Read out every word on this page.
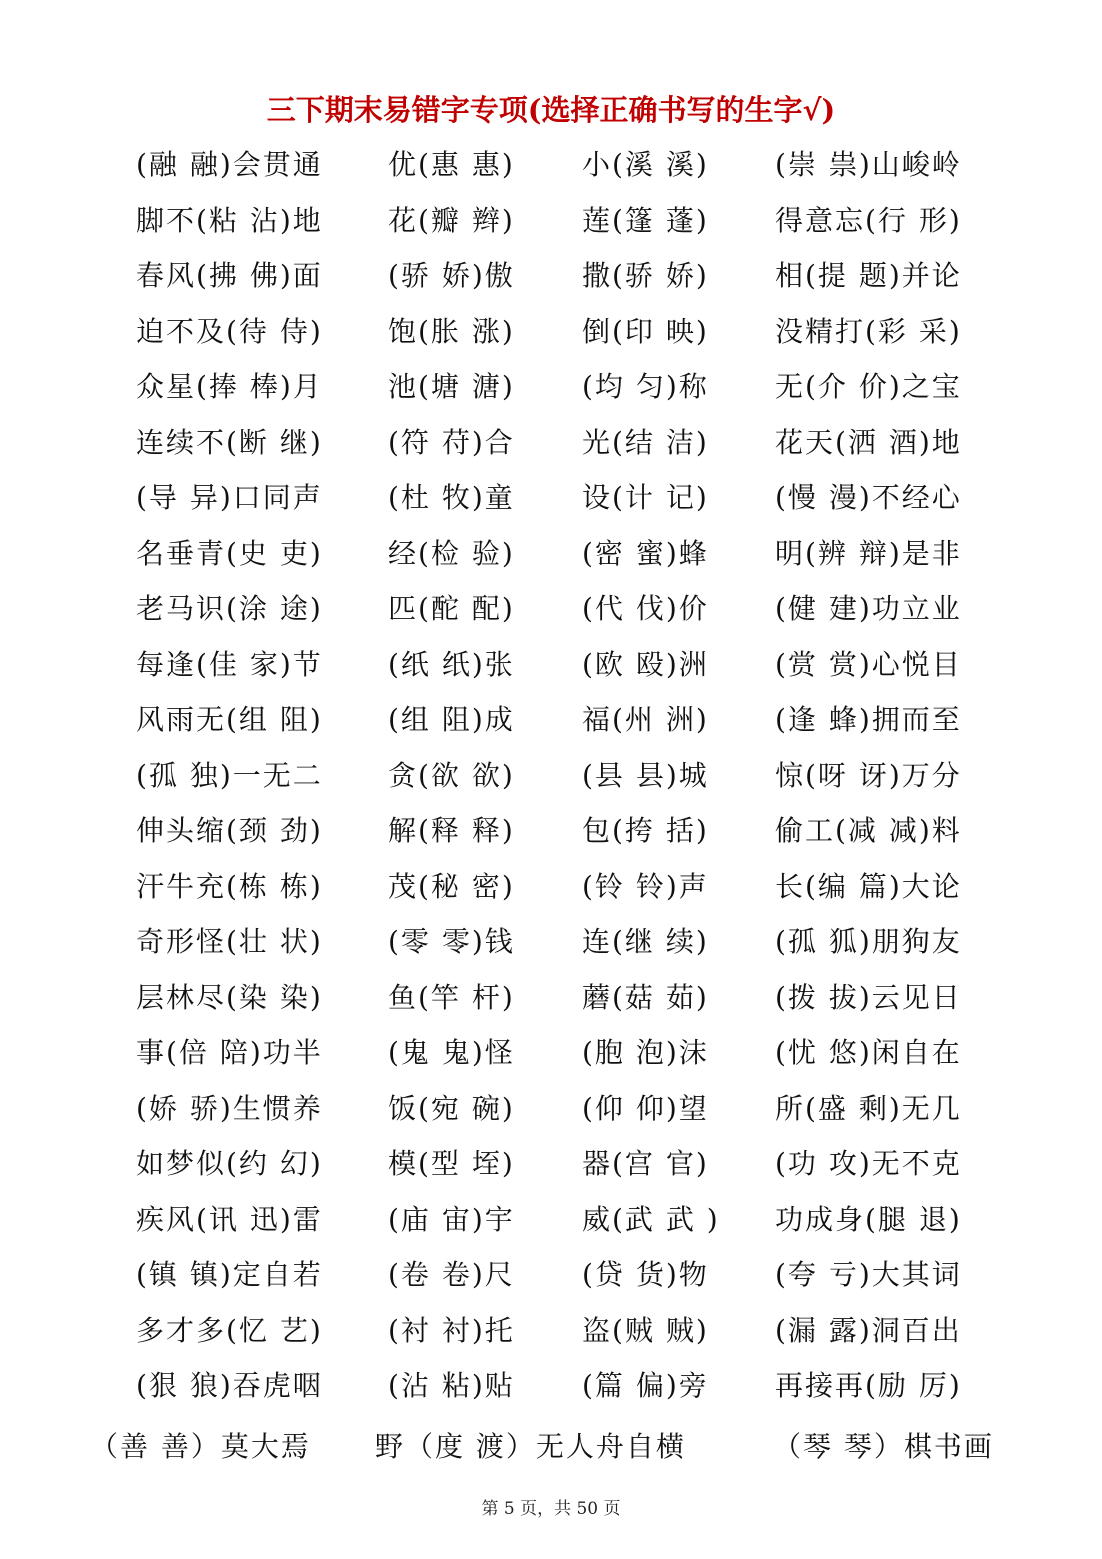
三下期末易错字专项(选择正确书写的生字√)
(融 融)会贯通 优(惠 惠) 小(溪 溪) (崇 祟)山峻岭
脚不(粘 沾)地 花(瓣 辫) 莲(篷 蓬) 得意忘(行 形)
春风(拂 佛)面 (骄 娇)傲 撒(骄 娇) 相(提 题)并论
迫不及(待 侍) 饱(胀 涨) 倒(印 映) 没精打(彩 采)
众星(捧 棒)月 池(塘 溏) (均 匀)称 无(介 价)之宝
连续不(断 继) (符 苻)合 光(结 洁) 花天(洒 酒)地
(导 异)口同声 (杜 牧)童 设(计 记) (慢 漫)不经心
名垂青(史 吏) 经(检 验) (密 蜜)蜂 明(辨 辩)是非
老马识(涂 途) 匹(酡 配) (代 伐)价 (健 建)功立业
每逢(佳 家)节 (纸 纸)张 (欧 殴)洲 (赏 赏)心悦目
风雨无(组 阻) (组 阻)成 福(州 洲) (逢 蜂)拥而至
(孤 独)一无二 贪(欲 欲) (县 县)城 惊(呀 讶)万分
伸头缩(颈 劲) 解(释 释) 包(挎 括) 偷工(减 减)料
汗牛充(栋 栋) 茂(秘 密) (铃 铃)声 长(编 篇)大论
奇形怪(壮 状) (零 零)钱 连(继 续) (孤 狐)朋狗友
层林尽(染 染) 鱼(竿 杆) 蘑(菇 茹) (拨 拔)云见日
事(倍 陪)功半 (鬼 鬼)怪 (胞 泡)沫 (忧 悠)闲自在
(娇 骄)生惯养 饭(宛 碗) (仰 仰)望 所(盛 剩)无几
如梦似(约 幻) 模(型 垤) 器(宫 官) (功 攻)无不克
疾风(讯 迅)雷 (庙 宙)宇 威(武 武 ) 功成身(腿 退)
(镇 镇)定自若 (卷 卷)尺 (贷 货)物 (夸 亏)大其词
多才多(忆 艺) (衬 衬)托 盗(贼 贼) (漏 露)洞百出
(狠 狼)吞虎咽 (沾 粘)贴 (篇 偏)旁 再接再(励 厉)
（善 善）莫大焉 野（度 渡）无人舟自横	（琴 琴）棋书画
第 5 页，共 50 页
